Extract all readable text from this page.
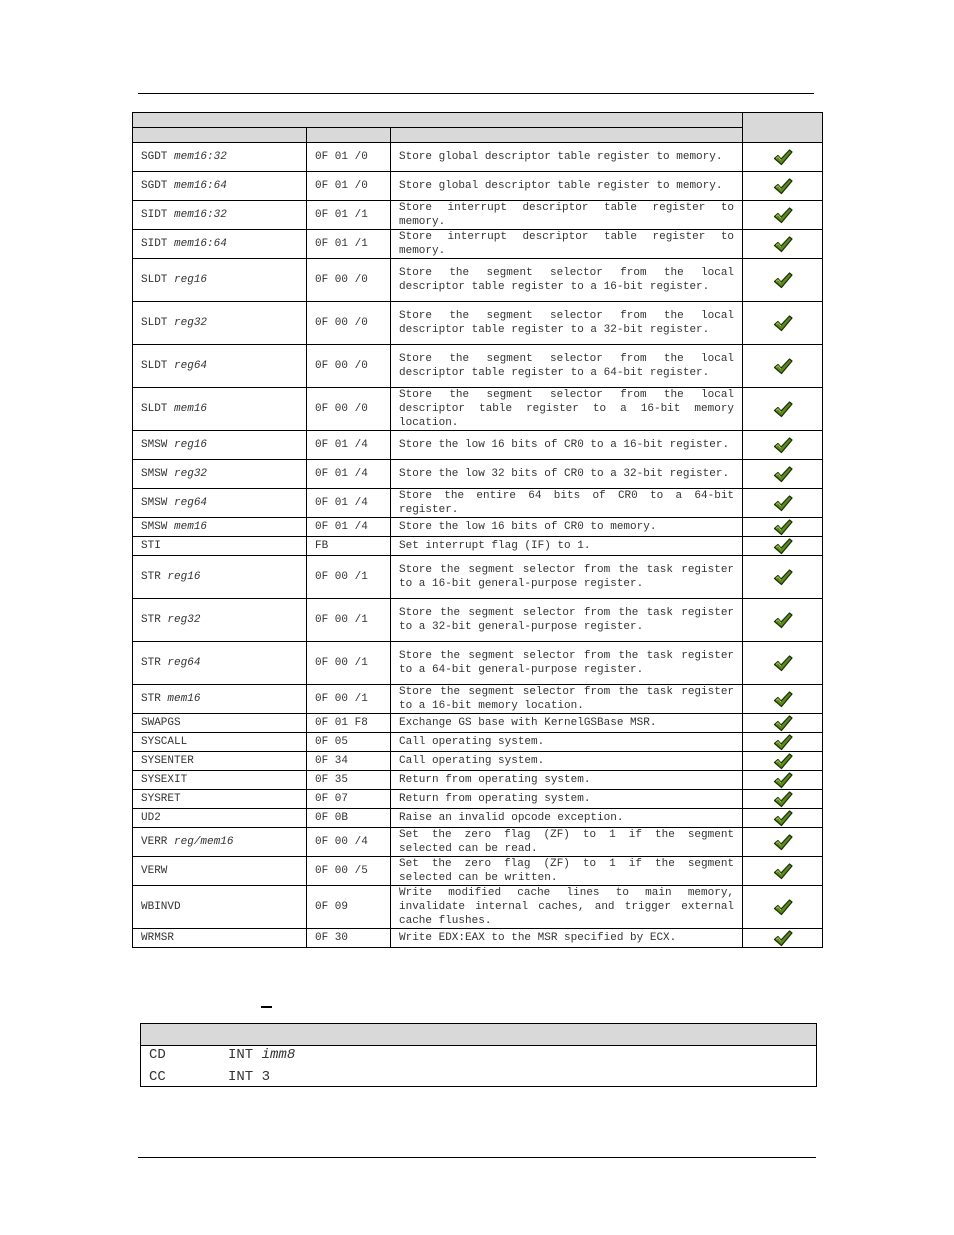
SGDT mem16:32	0F 01 /0	Store global descriptor table register to memory.	

SGDT mem16:64	0F 01 /0	Store global descriptor table register to memory.	

SIDT mem16:32	0F 01 /1	Store interrupt descriptor table register to memory.	

SIDT mem16:64	0F 01 /1	Store interrupt descriptor table register to memory.	

SLDT reg16	0F 00 /0	Store the segment selector from the local descriptor table register to a 16-bit register.	

SLDT reg32	0F 00 /0	Store the segment selector from the local descriptor table register to a 32-bit register.	

SLDT reg64	0F 00 /0	Store the segment selector from the local descriptor table register to a 64-bit register.	

SLDT mem16	0F 00 /0	Store the segment selector from the local descriptor table register to a 16-bit memory location.	

SMSW reg16	0F 01 /4	Store the low 16 bits of CR0 to a 16-bit register.	

SMSW reg32	0F 01 /4	Store the low 32 bits of CR0 to a 32-bit register.	

SMSW reg64	0F 01 /4	Store the entire 64 bits of CR0 to a 64-bit register.	

SMSW mem16	0F 01 /4	Store the low 16 bits of CR0 to memory.	

STI	FB	Set interrupt flag (IF) to 1.	

STR reg16	0F 00 /1	Store the segment selector from the task register to a 16-bit general-purpose register.	

STR reg32	0F 00 /1	Store the segment selector from the task register to a 32-bit general-purpose register.	

STR reg64	0F 00 /1	Store the segment selector from the task register to a 64-bit general-purpose register.	

STR mem16	0F 00 /1	Store the segment selector from the task register to a 16-bit memory location.	

SWAPGS	0F 01 F8	Exchange GS base with KernelGSBase MSR.	

SYSCALL	0F 05	Call operating system.	

SYSENTER	0F 34	Call operating system.	

SYSEXIT	0F 35	Return from operating system.	

SYSRET	0F 07	Return from operating system.	

UD2	0F 0B	Raise an invalid opcode exception.	

VERR reg/mem16	0F 00 /4	Set the zero flag (ZF) to 1 if the segment selected can be read.	

VERW	0F 00 /5	Set the zero flag (ZF) to 1 if the segment selected can be written.	

WBINVD	0F 09	Write modified cache lines to main memory, invalidate internal caches, and trigger external cache flushes.	

WRMSR	0F 30	Write EDX:EAX to the MSR specified by ECX.	
CD	INT imm8
CC	INT 3
